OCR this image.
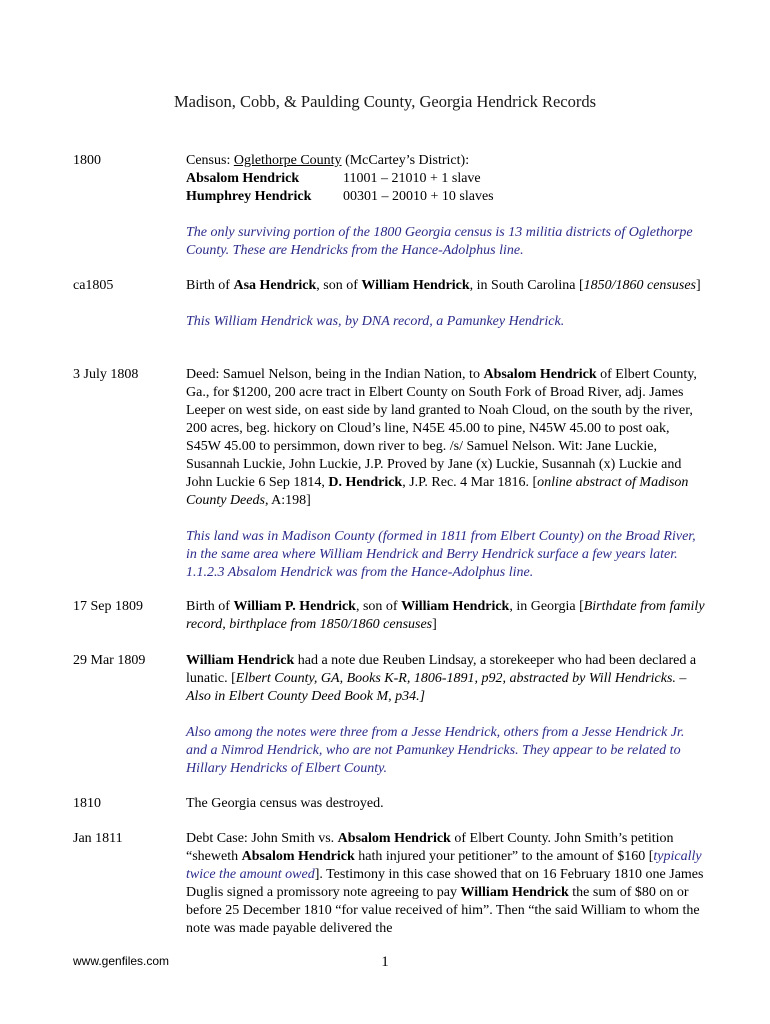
Madison, Cobb, & Paulding County, Georgia Hendrick Records
1800	Census: Oglethorpe County (McCartey’s District):

Absalom Hendrick	11001 – 21010 + 1 slave
Humphrey Hendrick	00301 – 20010 + 10 slaves

The only surviving portion of the 1800 Georgia census is 13 militia districts of Oglethorpe County. These are Hendricks from the Hance-Adolphus line.

ca1805	Birth of Asa Hendrick, son of William Hendrick, in South Carolina [1850/1860 censuses]

This William Hendrick was, by DNA record, a Pamunkey Hendrick.

3 July 1808	Deed: Samuel Nelson, being in the Indian Nation, to Absalom Hendrick of Elbert County, Ga., for $1200, 200 acre tract in Elbert County on South Fork of Broad River, adj. James Leeper on west side, on east side by land granted to Noah Cloud, on the south by the river, 200 acres, beg. hickory on Cloud’s line, N45E 45.00 to pine, N45W 45.00 to post oak, S45W 45.00 to persimmon, down river to beg. /s/ Samuel Nelson. Wit: Jane Luckie, Susannah Luckie, John Luckie, J.P. Proved by Jane (x) Luckie, Susannah (x) Luckie and John Luckie 6 Sep 1814, D. Hendrick, J.P. Rec. 4 Mar 1816. [online abstract of Madison County Deeds, A:198]

This land was in Madison County (formed in 1811 from Elbert County) on the Broad River, in the same area where William Hendrick and Berry Hendrick surface a few years later. 1.1.2.3 Absalom Hendrick was from the Hance-Adolphus line.

17 Sep 1809	Birth of William P. Hendrick, son of William Hendrick, in Georgia [Birthdate from family record, birthplace from 1850/1860 censuses]

29 Mar 1809	William Hendrick had a note due Reuben Lindsay, a storekeeper who had been declared a lunatic. [Elbert County, GA, Books K-R, 1806-1891, p92, abstracted by Will Hendricks. – Also in Elbert County Deed Book M, p34.]

Also among the notes were three from a Jesse Hendrick, others from a Jesse Hendrick Jr. and a Nimrod Hendrick, who are not Pamunkey Hendricks. They appear to be related to Hillary Hendricks of Elbert County.

1810	The Georgia census was destroyed.

Jan 1811	Debt Case: John Smith vs. Absalom Hendrick of Elbert County. John Smith’s petition “sheweth Absalom Hendrick hath injured your petitioner” to the amount of $160 [typically twice the amount owed]. Testimony in this case showed that on 16 February 1810 one James Duglis signed a promissory note agreeing to pay William Hendrick the sum of $80 on or before 25 December 1810 “for value received of him”. Then “the said William to whom the note was made payable delivered the

www.genfiles.com	1
